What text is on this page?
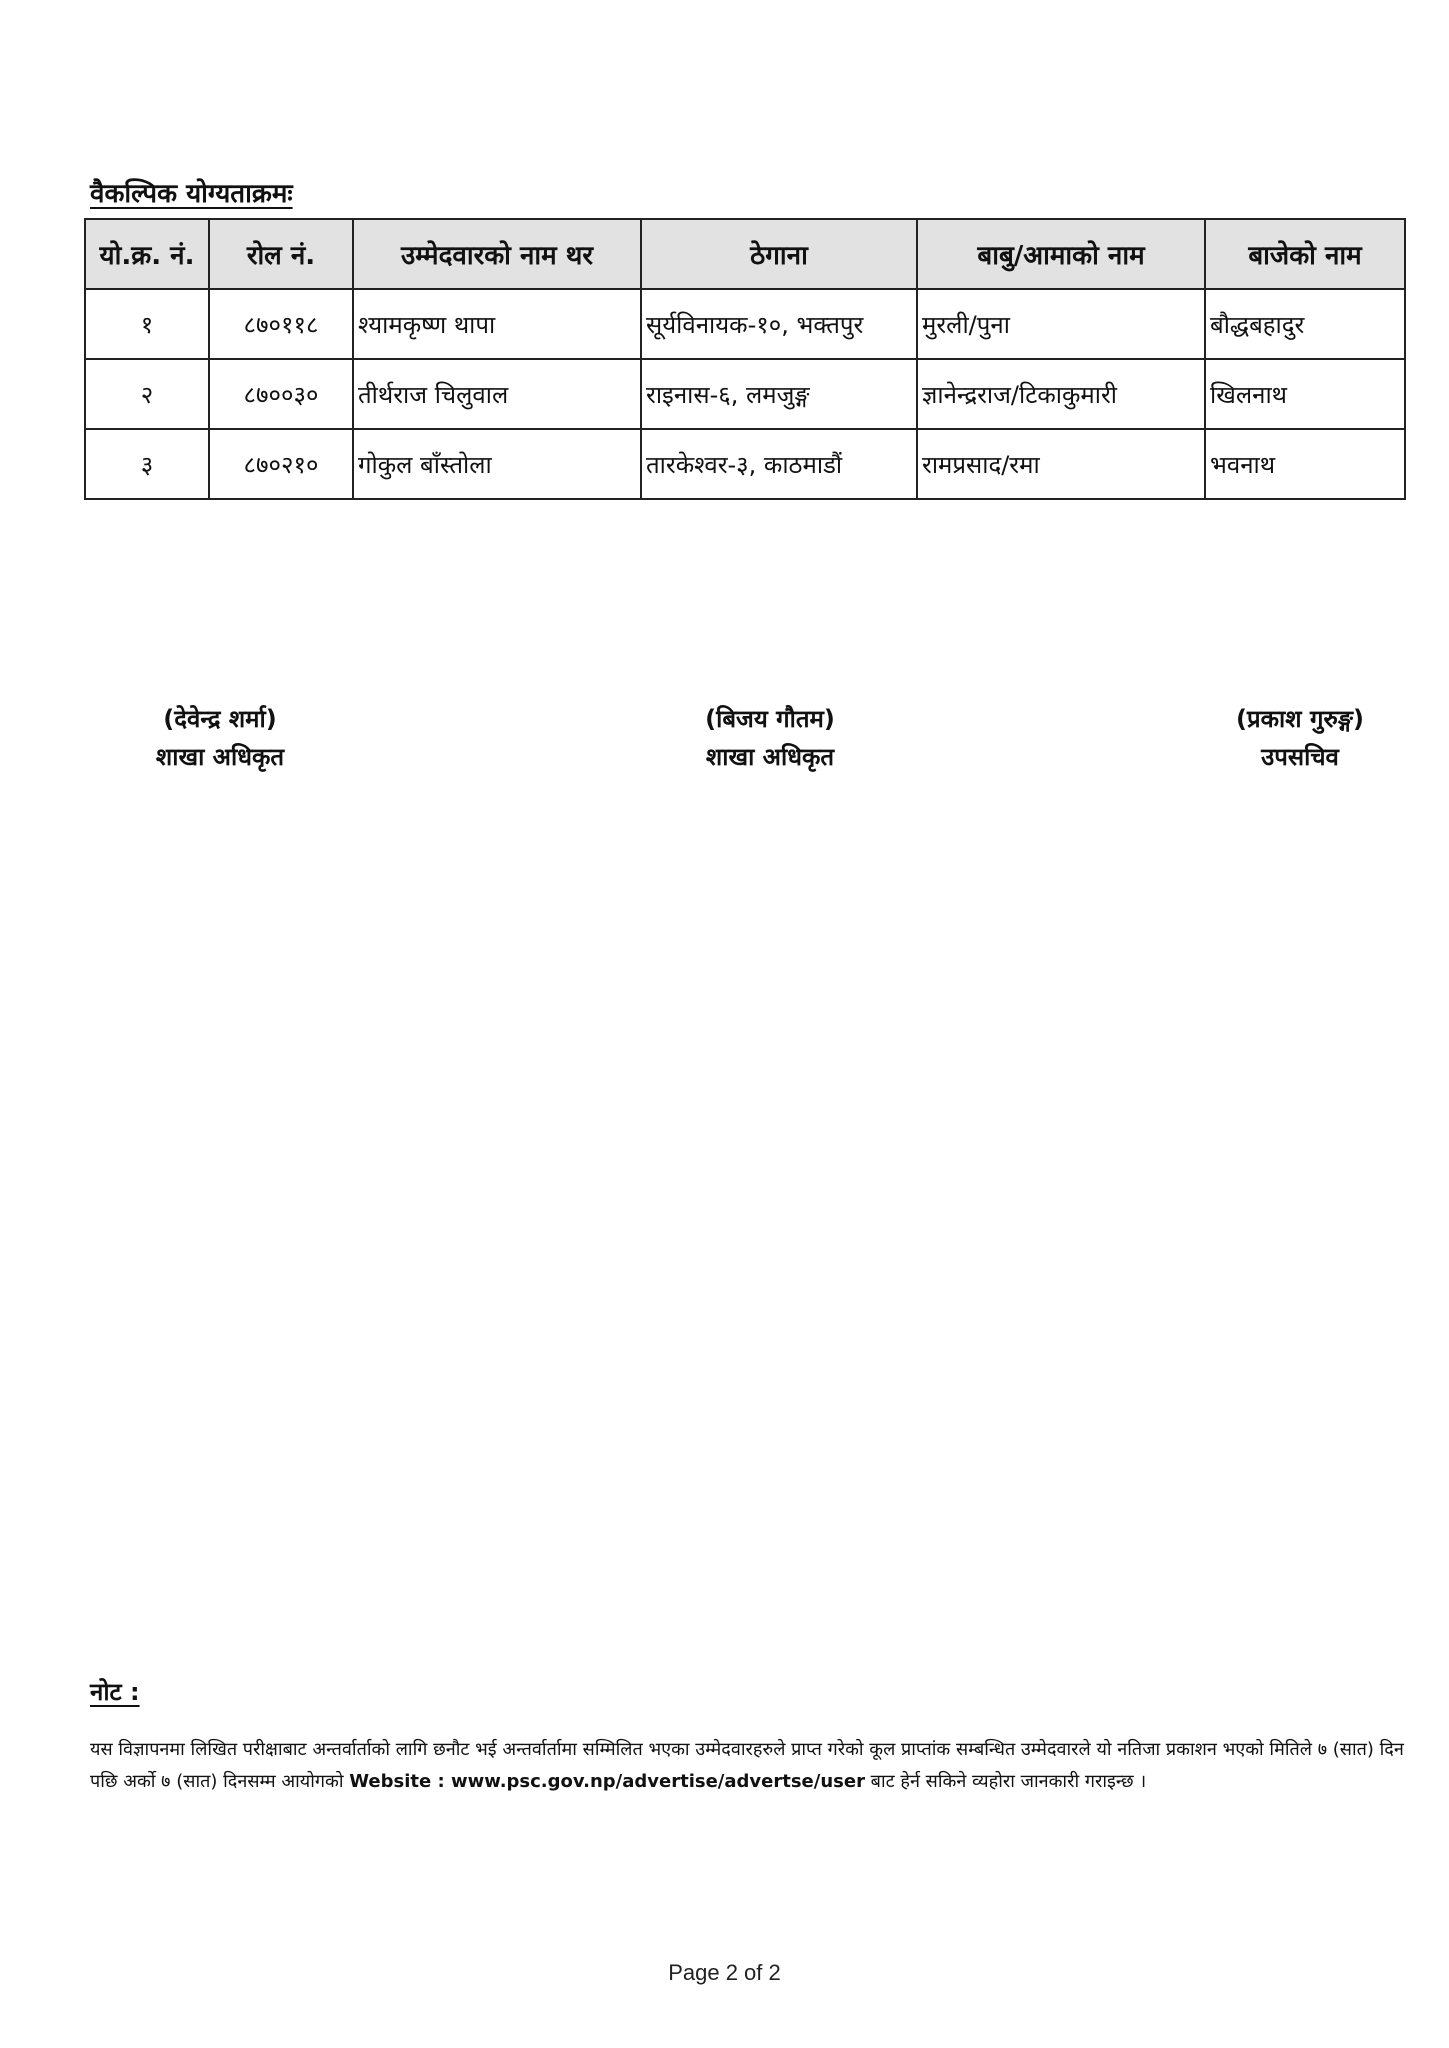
वैकल्पिक योग्यताक्रमः
यो.क्र. नं.	रोल नं.	उम्मेदवारको नाम थर	ठेगाना	बाबु/आमाको नाम	बाजेको नाम
१	८७०११८	श्यामकृष्ण थापा	सूर्यविनायक-१०, भक्तपुर	मुरली/पुना	बौद्धबहादुर
२	८७००३०	तीर्थराज चिलुवाल	राइनास-६, लमजुङ्ग	ज्ञानेन्द्रराज/टिकाकुमारी	खिलनाथ
३	८७०२१०	गोकुल बाँस्तोला	तारकेश्वर-३, काठमाडौं	रामप्रसाद/रमा	भवनाथ
(देवेन्द्र शर्मा)
शाखा अधिकृत
(बिजय गौतम)
शाखा अधिकृत
(प्रकाश गुरुङ्ग)
उपसचिव
नोट :
यस विज्ञापनमा लिखित परीक्षाबाट अन्तर्वार्ताको लागि छनौट भई अन्तर्वार्तामा सम्मिलित भएका उम्मेदवारहरुले प्राप्त गरेको कूल प्राप्तांक सम्बन्धित उम्मेदवारले यो नतिजा प्रकाशन भएको मितिले ७ (सात) दिन पछि अर्को ७ (सात) दिनसम्म आयोगको Website : www.psc.gov.np/advertise/advertse/user बाट हेर्न सकिने व्यहोरा जानकारी गराइन्छ ।
Page 2 of 2
